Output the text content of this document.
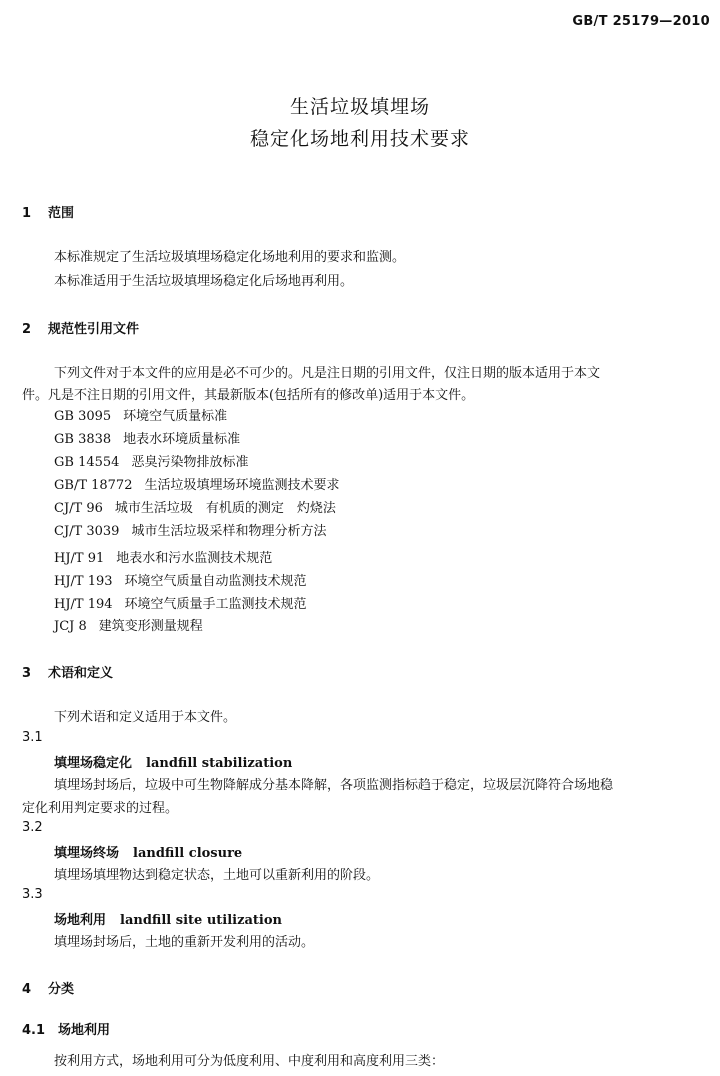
GB/T 25179—2010
生活垃圾填埋场
稳定化场地利用技术要求
1 范围
本标准规定了生活垃圾填埋场稳定化场地利用的要求和监测。
本标准适用于生活垃圾填埋场稳定化后场地再利用。
2 规范性引用文件
下列文件对于本文件的应用是必不可少的。凡是注日期的引用文件，仅注日期的版本适用于本文
件。凡是不注日期的引用文件，其最新版本(包括所有的修改单)适用于本文件。
GB 3095 环境空气质量标准
GB 3838 地表水环境质量标准
GB 14554 恶臭污染物排放标准
GB/T 18772 生活垃圾填埋场环境监测技术要求
CJ/T 96 城市生活垃圾　有机质的测定　灼烧法
CJ/T 3039 城市生活垃圾采样和物理分析方法
HJ/T 91 地表水和污水监测技术规范
HJ/T 193 环境空气质量自动监测技术规范
HJ/T 194 环境空气质量手工监测技术规范
JCJ 8 建筑变形测量规程
3 术语和定义
下列术语和定义适用于本文件。
3.1
填埋场稳定化 landfill stabilization
填埋场封场后，垃圾中可生物降解成分基本降解，各项监测指标趋于稳定，垃圾层沉降符合场地稳
定化利用判定要求的过程。
3.2
填埋场终场 landfill closure
填埋场填埋物达到稳定状态，土地可以重新利用的阶段。
3.3
场地利用 landfill site utilization
填埋场封场后，土地的重新开发利用的活动。
4 分类
4.1 场地利用
按利用方式，场地利用可分为低度利用、中度利用和高度利用三类：
